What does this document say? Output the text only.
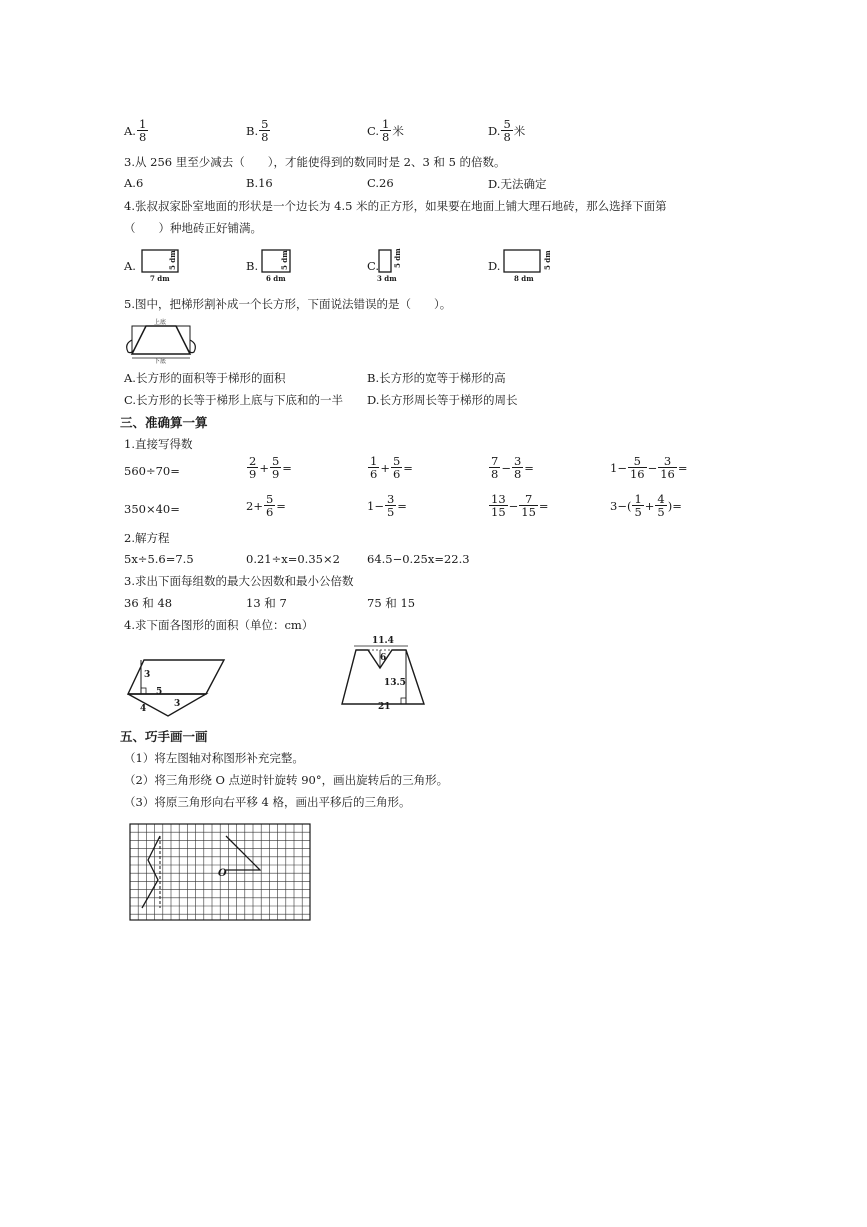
A. $\frac{1}{8}$	B. $\frac{5}{8}$	C. $\frac{1}{8}$ 米	D. $\frac{5}{8}$ 米
3.从 256 里至少减去（　　），才能使得到的数同时是 2、3 和 5 的倍数。
A.6	B.16	C.26	D.无法确定
4.张叔叔家卧室地面的形状是一个边长为 4.5 米的正方形，如果要在地面上铺大理石地砖，那么选择下面第
（　　）种地砖正好铺满。
A.
7 dm
5 dm	B.
6 dm
5 dm	C.
3 dm
5 dm	D.
8 dm
5 dm
5.图中，把梯形割补成一个长方形，下面说法错误的是（　　）。
上底
下底
A.长方形的面积等于梯形的面积	B.长方形的宽等于梯形的高
C.长方形的长等于梯形上底与下底和的一半 D.长方形周长等于梯形的周长
三、准确算一算
1.直接写得数
560÷70=	$\frac{2}{9} + \frac{5}{9}$ =	$\frac{1}{6} + \frac{5}{6}$ =	$\frac{7}{8} - \frac{3}{8}$ =	$1- \frac{5}{16} - \frac{3}{16}$ =
350×40=	$2+ \frac{5}{6}$ =	$1- \frac{3}{5}$ =	$\frac{13}{15} - \frac{7}{15}$ =	$3-( \frac{1}{5} + \frac{4}{5}$ )=
2.解方程
5x÷5.6=7.5	0.21÷x=0.35×2 64.5−0.25x=22.3
3.求出下面每组数的最大公因数和最小公倍数
36 和 48	13 和 7	75 和 15
4.求下面各图形的面积（单位：cm）
3
5
4	3
11.4
6
13.5
21
五、巧手画一画
（1）将左图轴对称图形补充完整。
（2）将三角形绕 O 点逆时针旋转 90°，画出旋转后的三角形。
（3）将原三角形向右平移 4 格，画出平移后的三角形。
O
